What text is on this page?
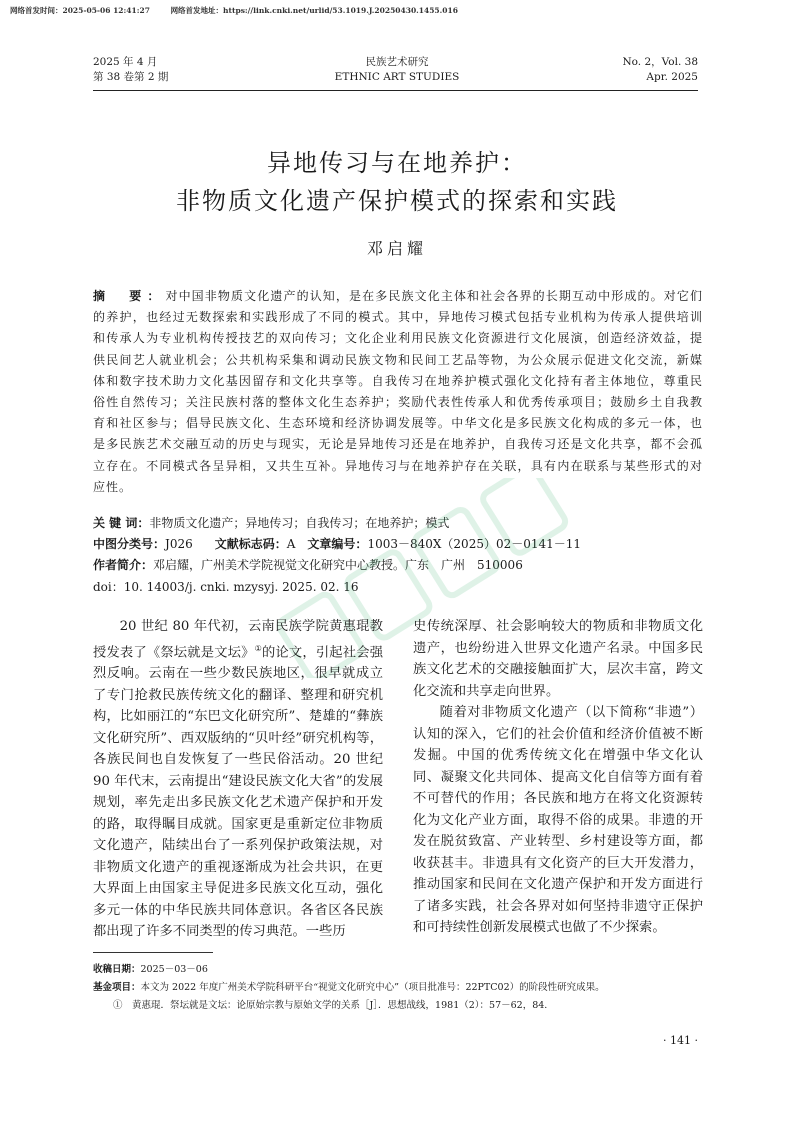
网络首发时间：2025-05-06 12:41:27	网络首发地址：https://link.cnki.net/urlid/53.1019.J.20250430.1455.016
2025 年 4 月
第 38 卷第 2 期
民族艺术研究
ETHNIC ART STUDIES
No. 2，Vol. 38
Apr. 2025
异地传习与在地养护：
非物质文化遗产保护模式的探索和实践
邓启耀
摘　要：对中国非物质文化遗产的认知，是在多民族文化主体和社会各界的长期互动中形成的。对它们的养护，也经过无数探索和实践形成了不同的模式。其中，异地传习模式包括专业机构为传承人提供培训和传承人为专业机构传授技艺的双向传习；文化企业利用民族文化资源进行文化展演，创造经济效益，提供民间艺人就业机会；公共机构采集和调动民族文物和民间工艺品等物，为公众展示促进文化交流，新媒体和数字技术助力文化基因留存和文化共享等。自我传习在地养护模式强化文化持有者主体地位，尊重民俗性自然传习；关注民族村落的整体文化生态养护；奖励代表性传承人和优秀传承项目；鼓励乡土自我教育和社区参与；倡导民族文化、生态环境和经济协调发展等。中华文化是多民族文化构成的多元一体，也是多民族艺术交融互动的历史与现实，无论是异地传习还是在地养护，自我传习还是文化共享，都不会孤立存在。不同模式各呈异相，又共生互补。异地传习与在地养护存在关联，具有内在联系与某些形式的对应性。
关 键 词：非物质文化遗产；异地传习；自我传习；在地养护；模式
中图分类号：J026 文献标志码：A 文章编号：1003－840X（2025）02－0141－11
作者简介：邓启耀，广州美术学院视觉文化研究中心教授。广东　广州　510006
doi：10. 14003/j. cnki. mzysyj. 2025. 02. 16

20 世纪 80 年代初，云南民族学院黄惠琨教授发表了《祭坛就是文坛》①的论文，引起社会强烈反响。云南在一些少数民族地区，很早就成立了专门抢救民族传统文化的翻译、整理和研究机构，比如丽江的“东巴文化研究所”、楚雄的“彝族文化研究所”、西双版纳的“贝叶经”研究机构等，各族民间也自发恢复了一些民俗活动。20 世纪 90 年代末，云南提出“建设民族文化大省”的发展规划，率先走出多民族文化艺术遗产保护和开发的路，取得瞩目成就。国家更是重新定位非物质文化遗产，陆续出台了一系列保护政策法规，对非物质文化遗产的重视逐渐成为社会共识，在更大界面上由国家主导促进多民族文化互动，强化多元一体的中华民族共同体意识。各省区各民族都出现了许多不同类型的传习典范。一些历

史传统深厚、社会影响较大的物质和非物质文化遗产，也纷纷进入世界文化遗产名录。中国多民族文化艺术的交融接触面扩大，层次丰富，跨文化交流和共享走向世界。

随着对非物质文化遗产（以下简称“非遗”）认知的深入，它们的社会价值和经济价值被不断发掘。中国的优秀传统文化在增强中华文化认同、凝聚文化共同体、提高文化自信等方面有着不可替代的作用；各民族和地方在将文化资源转化为文化产业方面，取得不俗的成果。非遗的开发在脱贫致富、产业转型、乡村建设等方面，都收获甚丰。非遗具有文化资产的巨大开发潜力，推动国家和民间在文化遗产保护和开发方面进行了诸多实践，社会各界对如何坚持非遗守正保护和可持续性创新发展模式也做了不少探索。

收稿日期：2025－03－06
基金项目：本文为 2022 年度广州美术学院科研平台“视觉文化研究中心”（项目批准号：22PTC02）的阶段性研究成果。
①　黄惠琨．祭坛就是文坛：论原始宗教与原始文学的关系［J］．思想战线，1981（2）：57－62，84.
· 141 ·
